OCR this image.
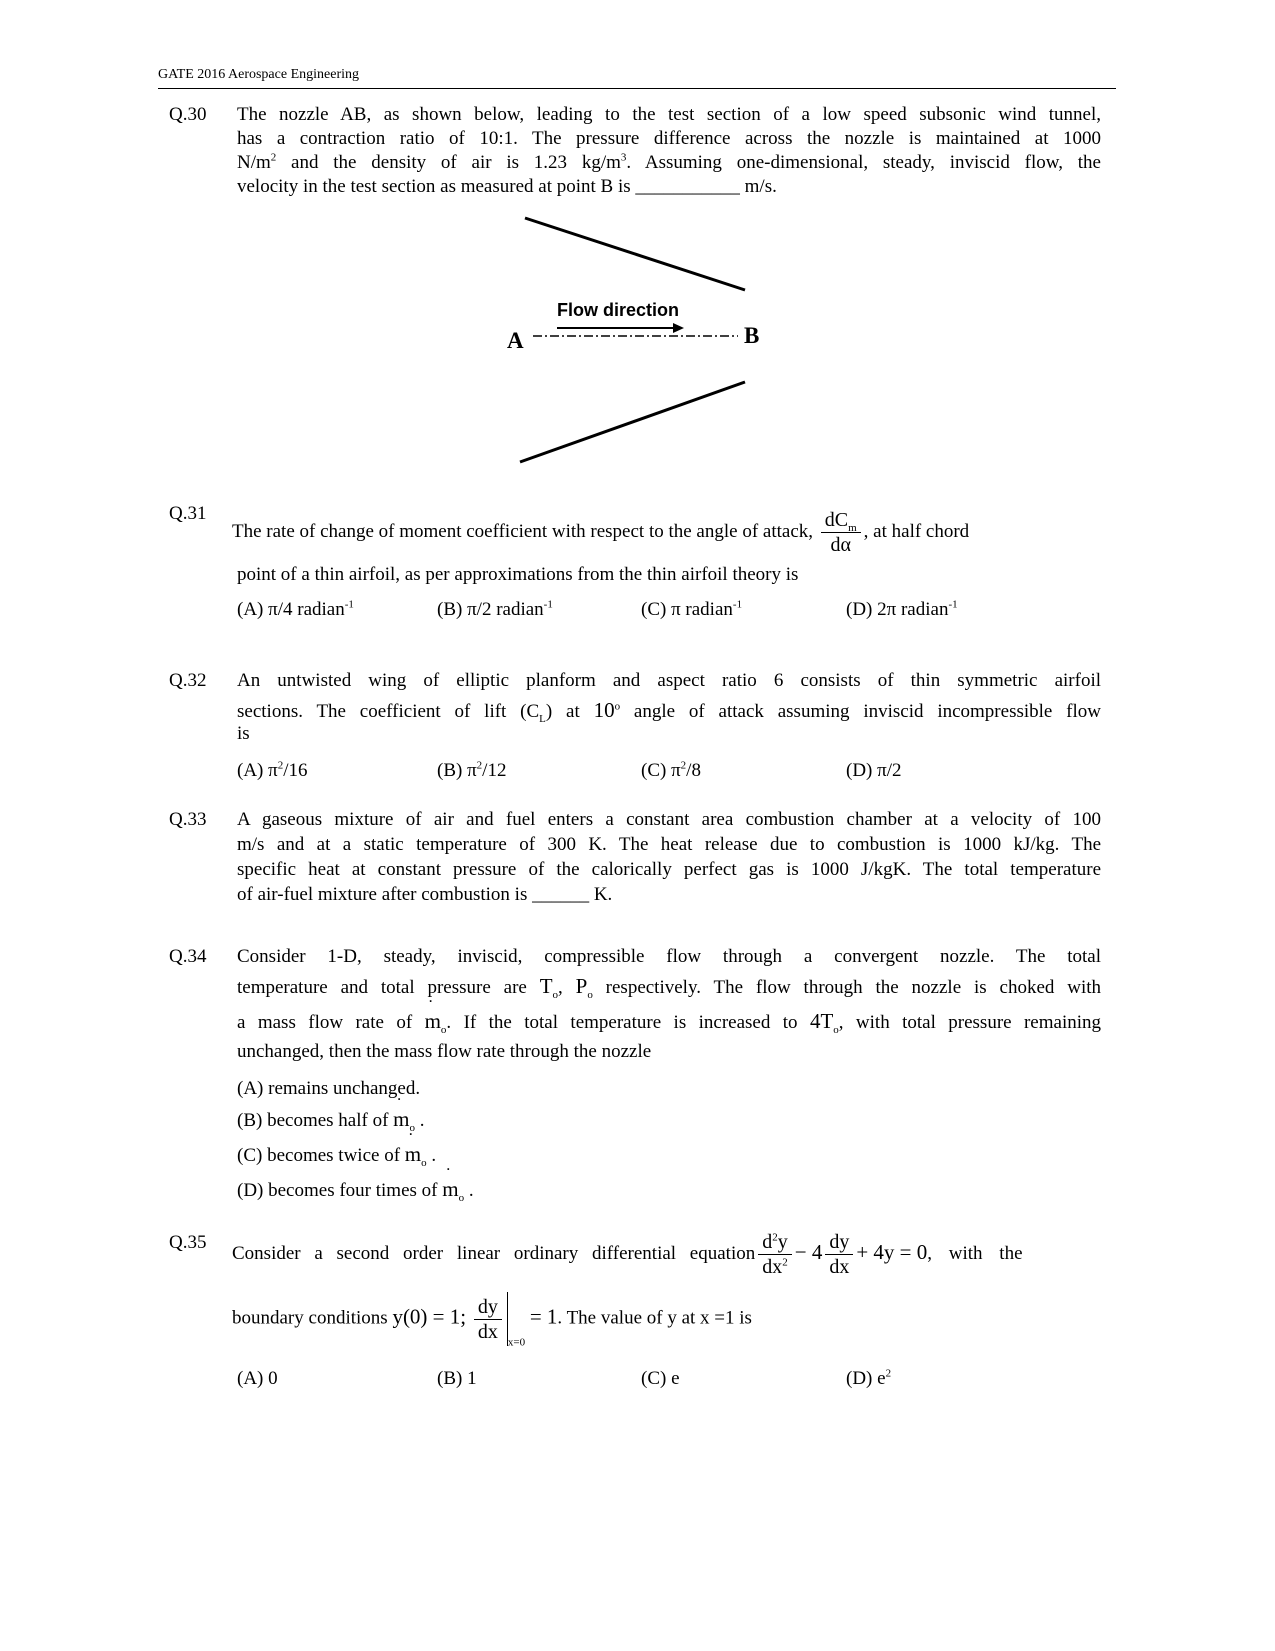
GATE 2016 Aerospace Engineering
Q.30 The nozzle AB, as shown below, leading to the test section of a low speed subsonic wind tunnel,
has a contraction ratio of 10:1. The pressure difference across the nozzle is maintained at 1000
$N/m^2$ and the density of air is 1.23 $kg/m^3$. Assuming one-dimensional, steady, inviscid flow, the
velocity in the test section as measured at point B is ___________ m/s.
Flow direction
A	B
Q.31
The rate of change of moment coefficient with respect to the angle of attack, $\frac{dC_m}{d\alpha}$ , at half chord
point of a thin airfoil, as per approximations from the thin airfoil theory is
(A) π/4 radian$^{-1}$	(B) π/2 radian$^{-1}$	(C) π radian$^{-1}$	(D) 2π radian$^{-1}$
Q.32 An untwisted wing of elliptic planform and aspect ratio 6 consists of thin symmetric airfoil
sections. The coefficient of lift $(C_L)$ at 10$^o$ angle of attack assuming inviscid incompressible flow
is
(A) $\pi^2/16$	(B) $\pi^2/12$	(C) $\pi^2/8$	(D) π/2
Q.33 A gaseous mixture of air and fuel enters a constant area combustion chamber at a velocity of 100
m/s and at a static temperature of 300 K. The heat release due to combustion is 1000 kJ/kg. The
specific heat at constant pressure of the calorically perfect gas is 1000 J/kgK. The total temperature
of air-fuel mixture after combustion is ______ K.
Q.34 Consider 1-D, steady, inviscid, compressible flow through a convergent nozzle. The total
temperature and total pressure are $T_o$, $P_o$ respectively. The flow through the nozzle is choked with
a mass flow rate of ˙ $m_o$. If the total temperature is increased to $4T_o$, with total pressure remaining
unchanged, then the mass flow rate through the nozzle
(A) remains unchanged.
(B) becomes half of ˙ $m_o$ .
(C) becomes twice of ˙ $m_o$ .
(D) becomes four times of ˙ $m_o$ .
Q.35
Consider a second order linear ordinary differential equation $\frac{d^2y}{dx^2} - 4 \frac{dy}{dx} + 4y = 0$, with the
boundary conditions y(0) = 1; $\frac{dy}{dx} _{x=0} = 1$. The value of y at x =1 is
(A) 0	(B) 1	(C) e	(D) $e^2$
